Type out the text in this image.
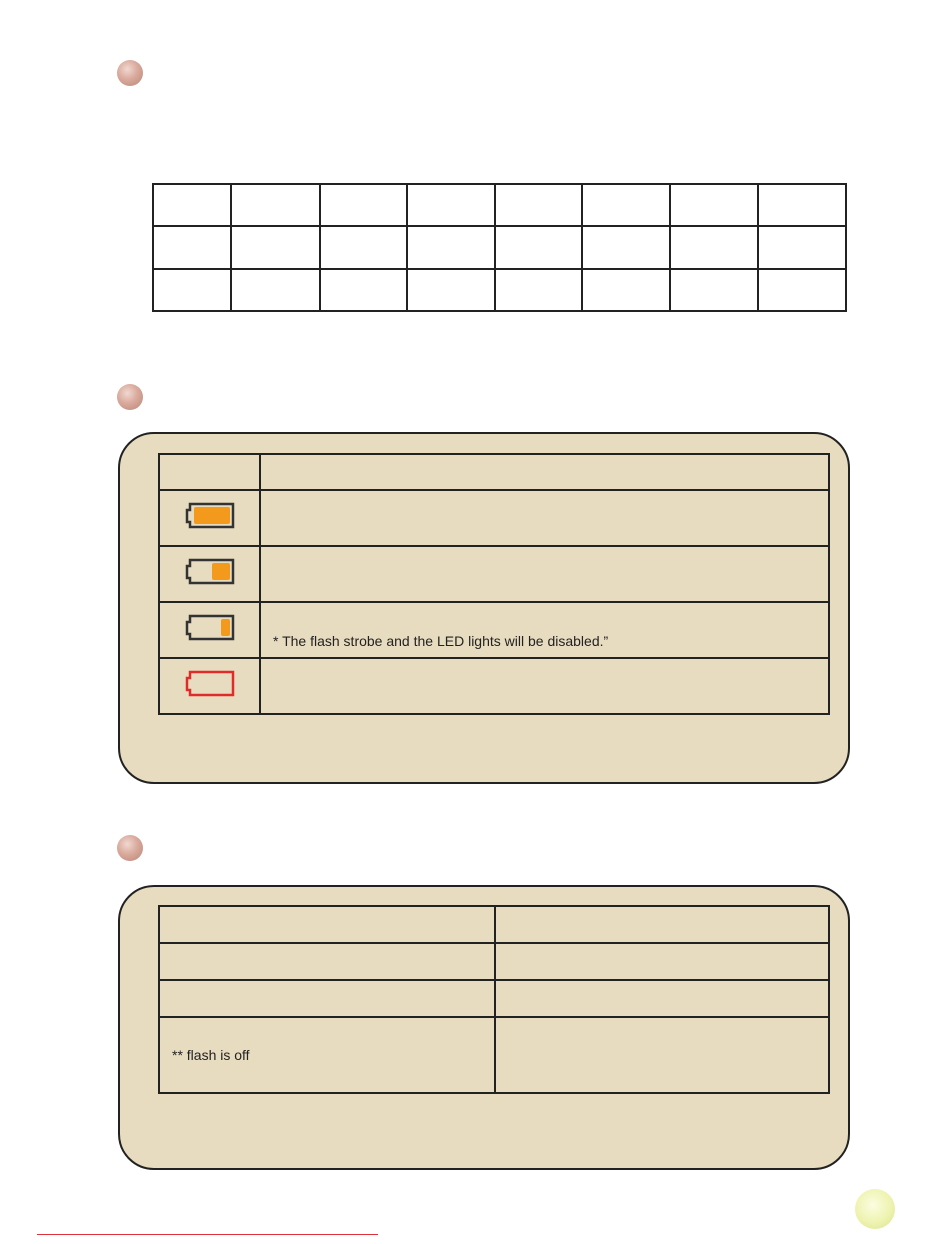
	* The flash strobe and the LED lights will be disabled.”

** flash is off	
